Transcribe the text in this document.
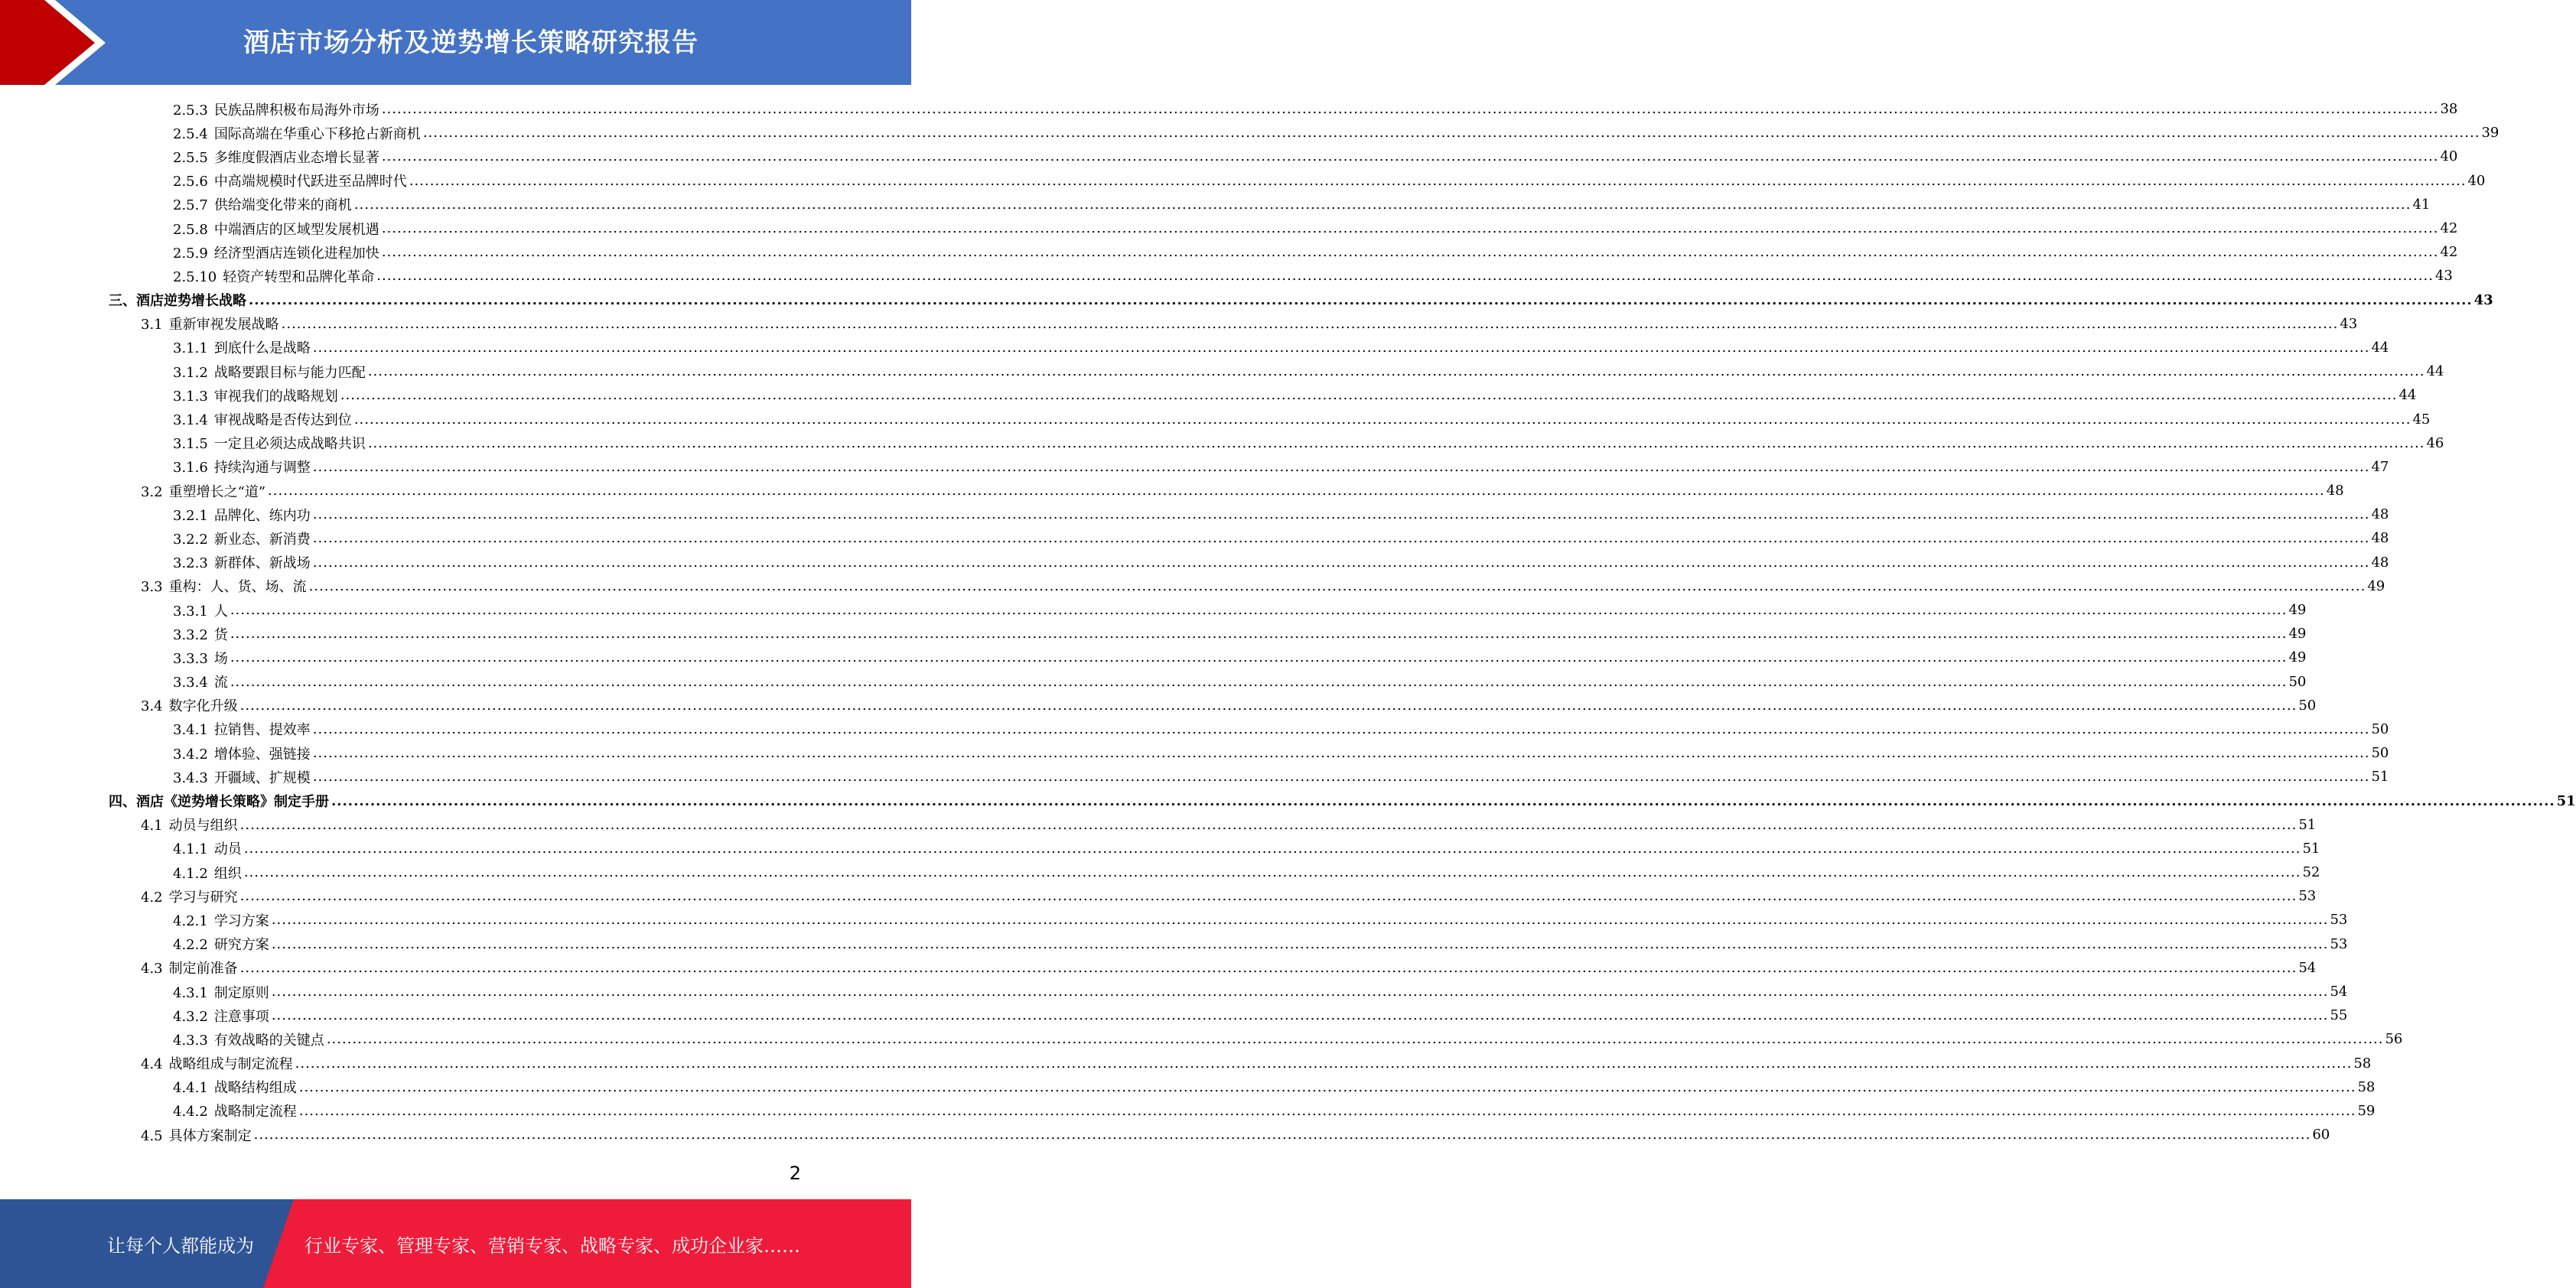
酒店市场分析及逆势增长策略研究报告
2.5.3 民族品牌积极布局海外市场 ................................................................................................................................................................................................................................................................................................................................................................................................................ 38
2.5.4 国际高端在华重心下移抢占新商机 ................................................................................................................................................................................................................................................................................................................................................................................................................ 39
2.5.5 多维度假酒店业态增长显著 ................................................................................................................................................................................................................................................................................................................................................................................................................ 40
2.5.6 中高端规模时代跃进至品牌时代 ................................................................................................................................................................................................................................................................................................................................................................................................................ 40
2.5.7 供给端变化带来的商机 ................................................................................................................................................................................................................................................................................................................................................................................................................ 41
2.5.8 中端酒店的区域型发展机遇 ................................................................................................................................................................................................................................................................................................................................................................................................................ 42
2.5.9 经济型酒店连锁化进程加快 ................................................................................................................................................................................................................................................................................................................................................................................................................ 42
2.5.10 轻资产转型和品牌化革命 ................................................................................................................................................................................................................................................................................................................................................................................................................ 43
三、酒店逆势增长战略 ................................................................................................................................................................................................................................................................................................................................................................................................................ 43
3.1 重新审视发展战略 ................................................................................................................................................................................................................................................................................................................................................................................................................ 43
3.1.1 到底什么是战略 ................................................................................................................................................................................................................................................................................................................................................................................................................ 44
3.1.2 战略要跟目标与能力匹配 ................................................................................................................................................................................................................................................................................................................................................................................................................ 44
3.1.3 审视我们的战略规划 ................................................................................................................................................................................................................................................................................................................................................................................................................ 44
3.1.4 审视战略是否传达到位 ................................................................................................................................................................................................................................................................................................................................................................................................................ 45
3.1.5 一定且必须达成战略共识 ................................................................................................................................................................................................................................................................................................................................................................................................................ 46
3.1.6 持续沟通与调整 ................................................................................................................................................................................................................................................................................................................................................................................................................ 47
3.2 重塑增长之“道” ................................................................................................................................................................................................................................................................................................................................................................................................................ 48
3.2.1 品牌化、练内功 ................................................................................................................................................................................................................................................................................................................................................................................................................ 48
3.2.2 新业态、新消费 ................................................................................................................................................................................................................................................................................................................................................................................................................ 48
3.2.3 新群体、新战场 ................................................................................................................................................................................................................................................................................................................................................................................................................ 48
3.3 重构：人、货、场、流 ................................................................................................................................................................................................................................................................................................................................................................................................................ 49
3.3.1 人 ................................................................................................................................................................................................................................................................................................................................................................................................................ 49
3.3.2 货 ................................................................................................................................................................................................................................................................................................................................................................................................................ 49
3.3.3 场 ................................................................................................................................................................................................................................................................................................................................................................................................................ 49
3.3.4 流 ................................................................................................................................................................................................................................................................................................................................................................................................................ 50
3.4 数字化升级 ................................................................................................................................................................................................................................................................................................................................................................................................................ 50
3.4.1 拉销售、提效率 ................................................................................................................................................................................................................................................................................................................................................................................................................ 50
3.4.2 增体验、强链接 ................................................................................................................................................................................................................................................................................................................................................................................................................ 50
3.4.3 开疆域、扩规模 ................................................................................................................................................................................................................................................................................................................................................................................................................ 51
四、酒店《逆势增长策略》制定手册 ................................................................................................................................................................................................................................................................................................................................................................................................................ 51
4.1 动员与组织 ................................................................................................................................................................................................................................................................................................................................................................................................................ 51
4.1.1 动员 ................................................................................................................................................................................................................................................................................................................................................................................................................ 51
4.1.2 组织 ................................................................................................................................................................................................................................................................................................................................................................................................................ 52
4.2 学习与研究 ................................................................................................................................................................................................................................................................................................................................................................................................................ 53
4.2.1 学习方案 ................................................................................................................................................................................................................................................................................................................................................................................................................ 53
4.2.2 研究方案 ................................................................................................................................................................................................................................................................................................................................................................................................................ 53
4.3 制定前准备 ................................................................................................................................................................................................................................................................................................................................................................................................................ 54
4.3.1 制定原则 ................................................................................................................................................................................................................................................................................................................................................................................................................ 54
4.3.2 注意事项 ................................................................................................................................................................................................................................................................................................................................................................................................................ 55
4.3.3 有效战略的关键点 ................................................................................................................................................................................................................................................................................................................................................................................................................ 56
4.4 战略组成与制定流程 ................................................................................................................................................................................................................................................................................................................................................................................................................ 58
4.4.1 战略结构组成 ................................................................................................................................................................................................................................................................................................................................................................................................................ 58
4.4.2 战略制定流程 ................................................................................................................................................................................................................................................................................................................................................................................................................ 59
4.5 具体方案制定 ................................................................................................................................................................................................................................................................................................................................................................................................................ 60
2
让每个人都能成为	行业专家、管理专家、营销专家、战略专家、成功企业家……
